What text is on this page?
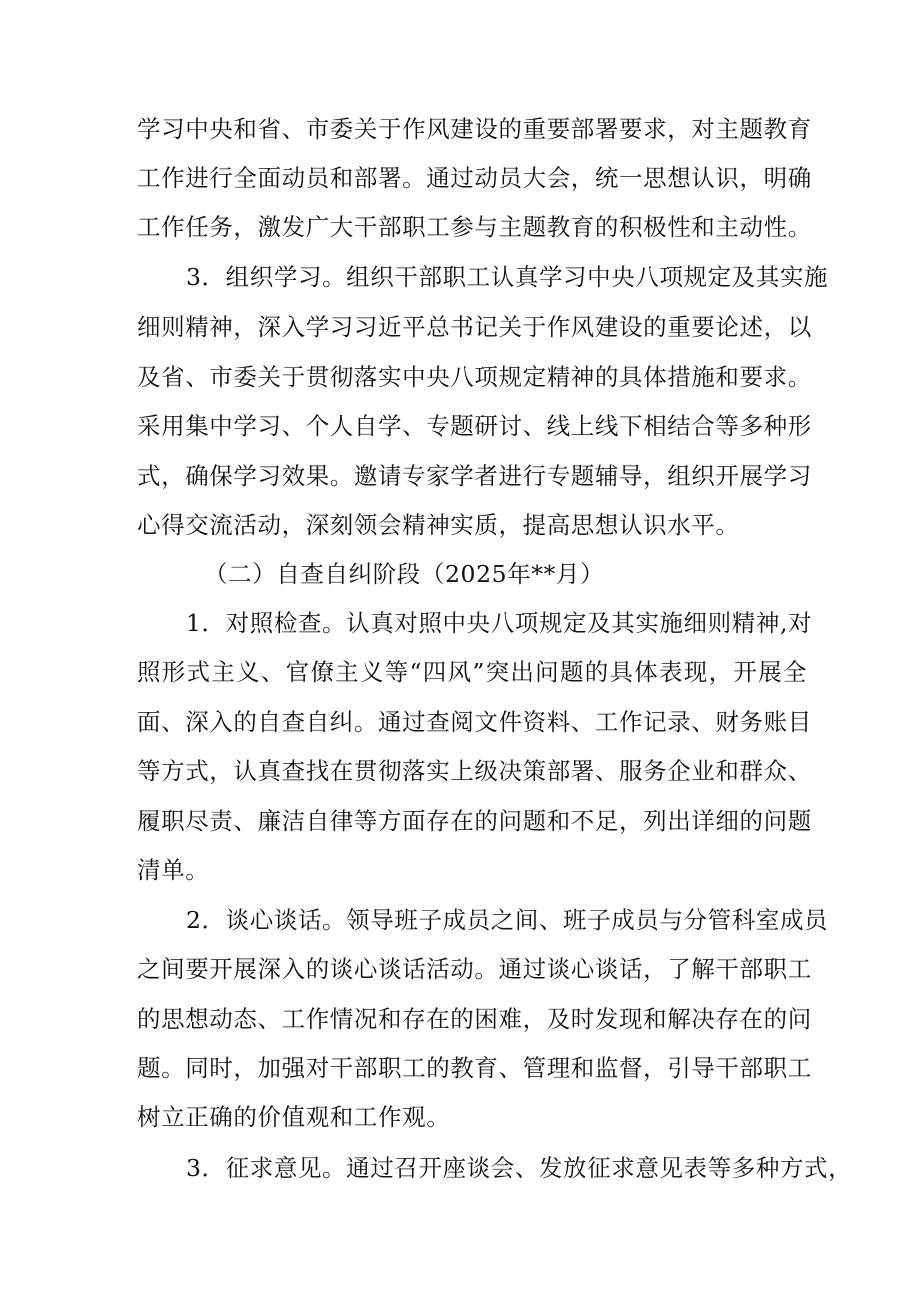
学习中央和省、市委关于作风建设的重要部署要求，对主题教育
工作进行全面动员和部署。通过动员大会，统一思想认识，明确
工作任务，激发广大干部职工参与主题教育的积极性和主动性。
3．组织学习。组织干部职工认真学习中央八项规定及其实施
细则精神，深入学习习近平总书记关于作风建设的重要论述，以
及省、市委关于贯彻落实中央八项规定精神的具体措施和要求。
采用集中学习、个人自学、专题研讨、线上线下相结合等多种形
式，确保学习效果。邀请专家学者进行专题辅导，组织开展学习
心得交流活动，深刻领会精神实质，提高思想认识水平。
（二）自查自纠阶段（2025年**月）
1．对照检查。认真对照中央八项规定及其实施细则精神,对
照形式主义、官僚主义等“四风”突出问题的具体表现，开展全
面、深入的自查自纠。通过查阅文件资料、工作记录、财务账目
等方式，认真查找在贯彻落实上级决策部署、服务企业和群众、
履职尽责、廉洁自律等方面存在的问题和不足，列出详细的问题
清单。
2．谈心谈话。领导班子成员之间、班子成员与分管科室成员
之间要开展深入的谈心谈话活动。通过谈心谈话，了解干部职工
的思想动态、工作情况和存在的困难，及时发现和解决存在的问
题。同时，加强对干部职工的教育、管理和监督，引导干部职工
树立正确的价值观和工作观。
3．征求意见。通过召开座谈会、发放征求意见表等多种方式，
